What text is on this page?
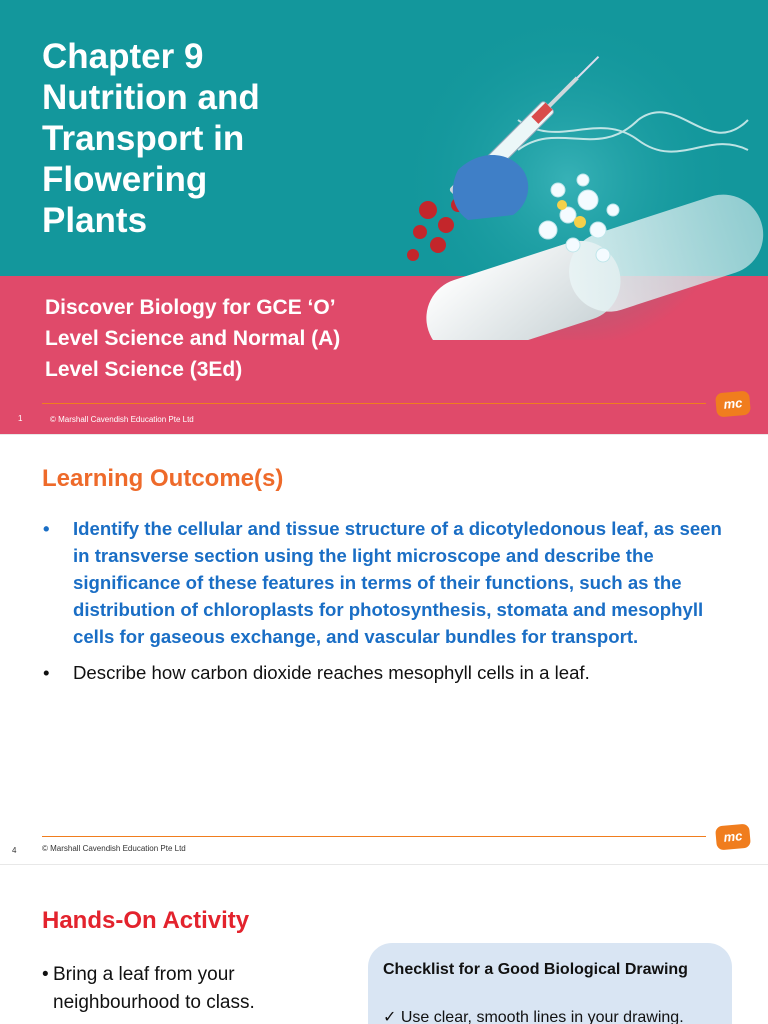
Chapter 9
Nutrition and
Transport in
Flowering
Plants
Discover Biology for GCE ‘O’
Level Science and Normal (A)
Level Science (3Ed)
1	© Marshall Cavendish Education Pte Ltd
mc
Learning Outcome(s)
• Identify the cellular and tissue structure of a dicotyledonous leaf, as seen in transverse section using the light microscope and describe the significance of these features in terms of their functions, such as the distribution of chloroplasts for photosynthesis, stomata and mesophyll cells for gaseous exchange, and vascular bundles for transport.
• Describe how carbon dioxide reaches mesophyll cells in a leaf.
4	© Marshall Cavendish Education Pte Ltd
mc
Hands-On Activity
• Bring a leaf from your neighbourhood to class.
Checklist for a Good Biological Drawing
✓ Use clear, smooth lines in your drawing.
